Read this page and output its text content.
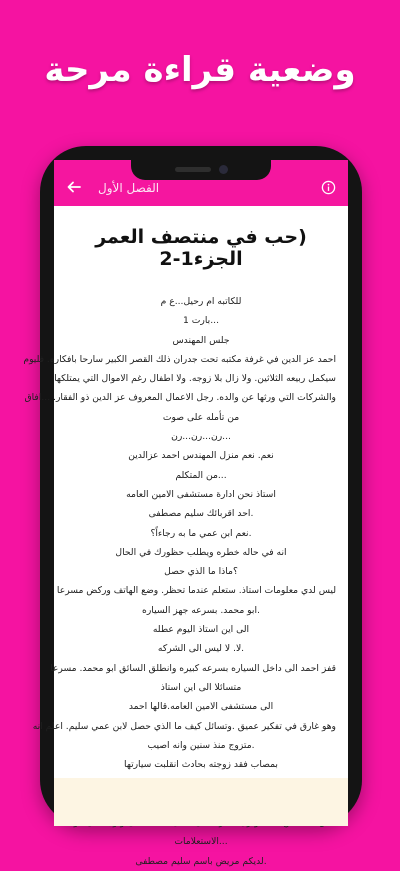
وضعية قراءة مرحة
الفصل الأول
(حب في منتصف العمر الجزء1-2
للكاتبه ام رحيل...ع م
...بارت 1
جلس المهندس
احمد عز الدين في غرفة مكتبه تحت جدران ذلك القصر الكبير سارحا بافكاره. فليوم
سيكمل ربيعه الثلاثين. ولا زال بلا زوجه. ولا اطفال رغم الاموال التي يمتلكها
والشركات التي ورثها عن والده. رجل الاعمال المعروف عز الدين ذو الفقار. ...افاق
من تأمله على صوت
...رن...رن...رن
نعم. نعم منزل المهندس احمد عزالدين
...من المتكلم
استاذ نحن ادارة مستشفى الامين العامه
.احد اقربائك سليم مصطفى
.نعم ابن عمي ما به رجاءاً؟
انه في حاله خطره ويطلب حظورك في الحال
؟ماذا ما الذي حصل
ليس لدي معلومات استاذ. ستعلم عندما تحظر. وضع الهاتف وركض مسرعا
.ابو محمد. بسرعه جهز السياره
الى اين استاذ اليوم عطله
.لا. لا ليس الى الشركه
قفز احمد الى داخل السياره بسرعه كبيره وانطلق السائق ابو محمد. مسرعا
متسائلا الى اين استاذ
الى مستشفى الامين العامه.قالها احمد
وهو غارق في تفكير عميق .وتسائل كيف ما الذي حصل لابن عمي سليم. اعلم انه
.متزوج منذ سنين وانه اصيب
بمصاب فقد زوجته بحادث انقلبت سيارتها
...الاستعلامات
.لديكم مريض باسم سليم مصطفى
